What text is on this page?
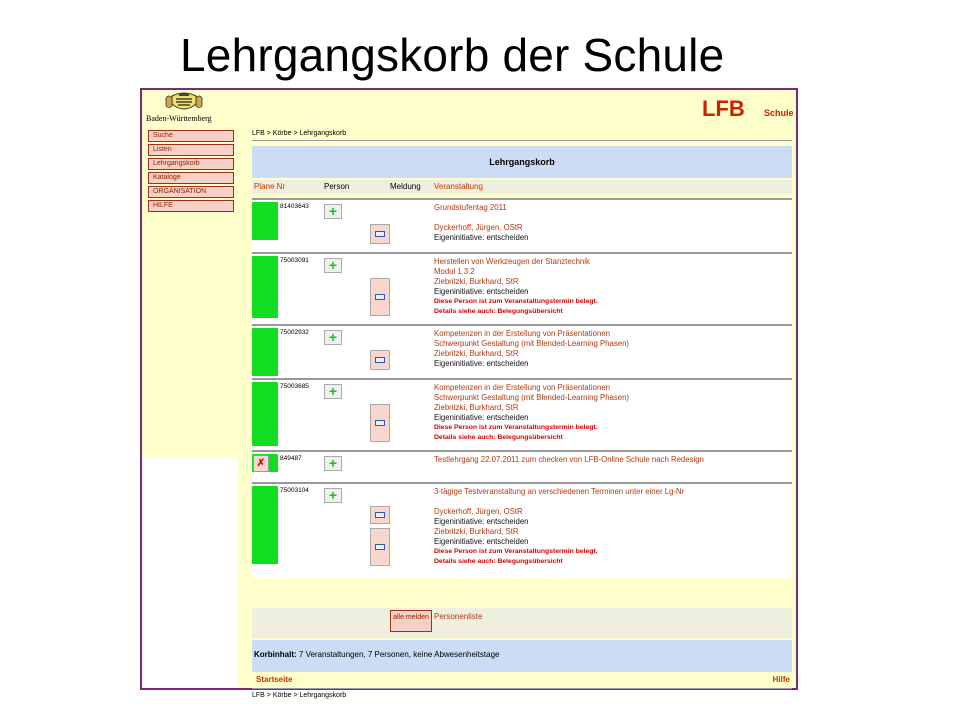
Lehrgangskorb der Schule
Baden-Württemberg
Suche
Listen
Lehrgangskorb
Kataloge
ORGANISATION
HILFE
LFB Schule
LFB > Körbe > Lehrgangskorb
Lehrgangskorb
Plane Nr	Person	Meldung Veranstaltung
81403643	+	Grundstufentag 2011

Dyckerhoff, Jürgen, OStR
Eigeninitiative: entscheiden
75003091	+	Herstellen von Werkzeugen der Stanztechnik
Modul 1.3.2
Ziebritzki, Burkhard, StR
Eigeninitiative: entscheiden
Diese Person ist zum Veranstaltungstermin belegt.
Details siehe auch: Belegungsübersicht
75002932	+	Kompetenzen in der Erstellung von Präsentationen
Schwerpunkt Gestaltung (mit Blended-Learning Phasen)
Ziebritzki, Burkhard, StR
Eigeninitiative: entscheiden
75003685	+	Kompetenzen in der Erstellung von Präsentationen
Schwerpunkt Gestaltung (mit Blended-Learning Phasen)
Ziebritzki, Burkhard, StR
Eigeninitiative: entscheiden
Diese Person ist zum Veranstaltungstermin belegt.
Details siehe auch: Belegungsübersicht
✗	849487	+	Testlehrgang 22.07.2011 zum checken von LFB-Online Schule nach Redesign
75003104	+	3-tägige Testveranstaltung an verschiedenen Terminen unter einer Lg-Nr

Dyckerhoff, Jürgen, OStR
Eigeninitiative: entscheiden
Ziebritzki, Burkhard, StR
Eigeninitiative: entscheiden
Diese Person ist zum Veranstaltungstermin belegt.
Details siehe auch: Belegungsübersicht
alle melden Personenliste
Korbinhalt: 7 Veranstaltungen, 7 Personen, keine Abwesenheitstage
Startseite	Hilfe
LFB > Körbe > Lehrgangskorb
